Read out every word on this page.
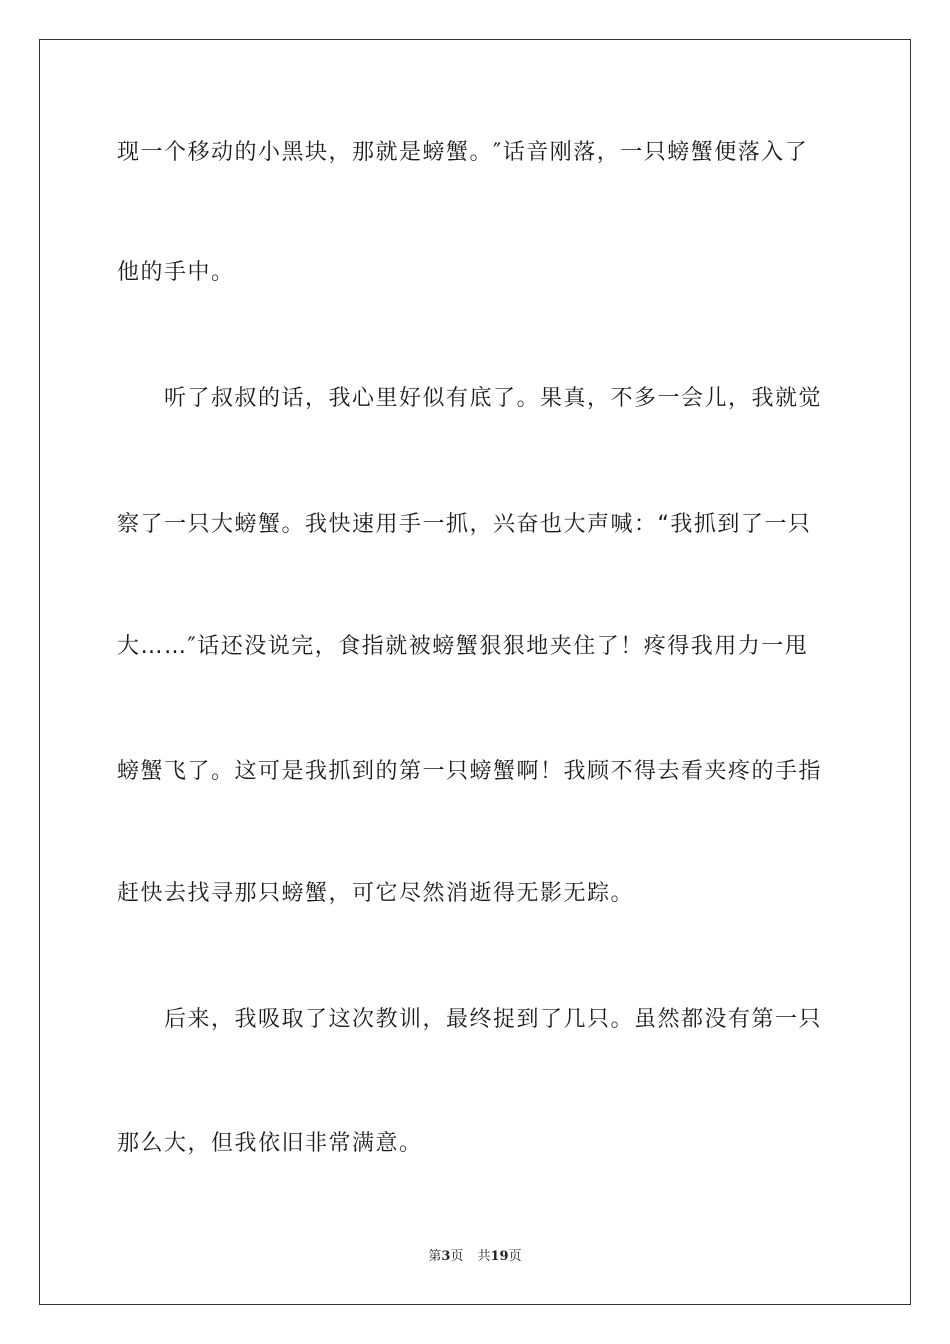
现一个移动的小黑块，那就是螃蟹。″话音刚落，一只螃蟹便落入了
他的手中。
　　听了叔叔的话，我心里好似有底了。果真，不多一会儿，我就觉
察了一只大螃蟹。我快速用手一抓，兴奋也大声喊：“我抓到了一只
大……″话还没说完，食指就被螃蟹狠狠地夹住了！疼得我用力一甩
螃蟹飞了。这可是我抓到的第一只螃蟹啊！我顾不得去看夹疼的手指
赶快去找寻那只螃蟹，可它尽然消逝得无影无踪。
　　后来，我吸取了这次教训，最终捉到了几只。虽然都没有第一只
那么大，但我依旧非常满意。
第3页 共19页
